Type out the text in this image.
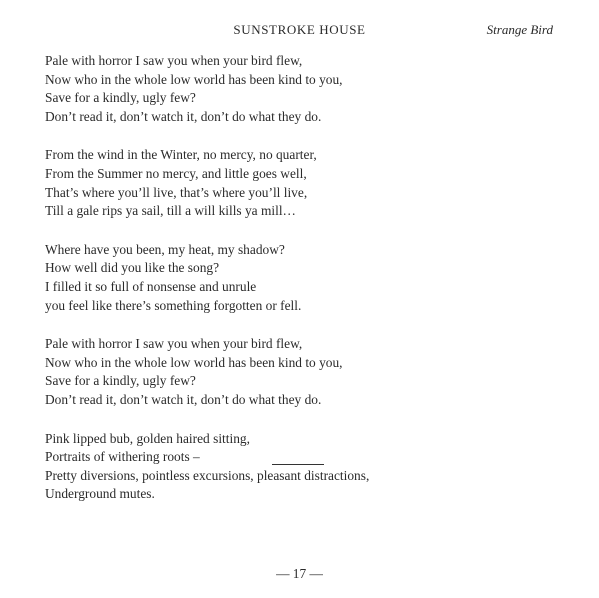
SUNSTROKE HOUSE	Strange Bird
Pale with horror I saw you when your bird flew,
Now who in the whole low world has been kind to you,
Save for a kindly, ugly few?
Don’t read it, don’t watch it, don’t do what they do.
From the wind in the Winter, no mercy, no quarter,
From the Summer no mercy, and little goes well,
That’s where you’ll live, that’s where you’ll live,
Till a gale rips ya sail, till a will kills ya mill…
Where have you been, my heat, my shadow?
How well did you like the song?
I filled it so full of nonsense and unrule
you feel like there’s something forgotten or fell.
Pale with horror I saw you when your bird flew,
Now who in the whole low world has been kind to you,
Save for a kindly, ugly few?
Don’t read it, don’t watch it, don’t do what they do.
Pink lipped bub, golden haired sitting,
Portraits of withering roots –
Pretty diversions, pointless excursions, pleasant distractions,
Underground mutes.
— 17 —
